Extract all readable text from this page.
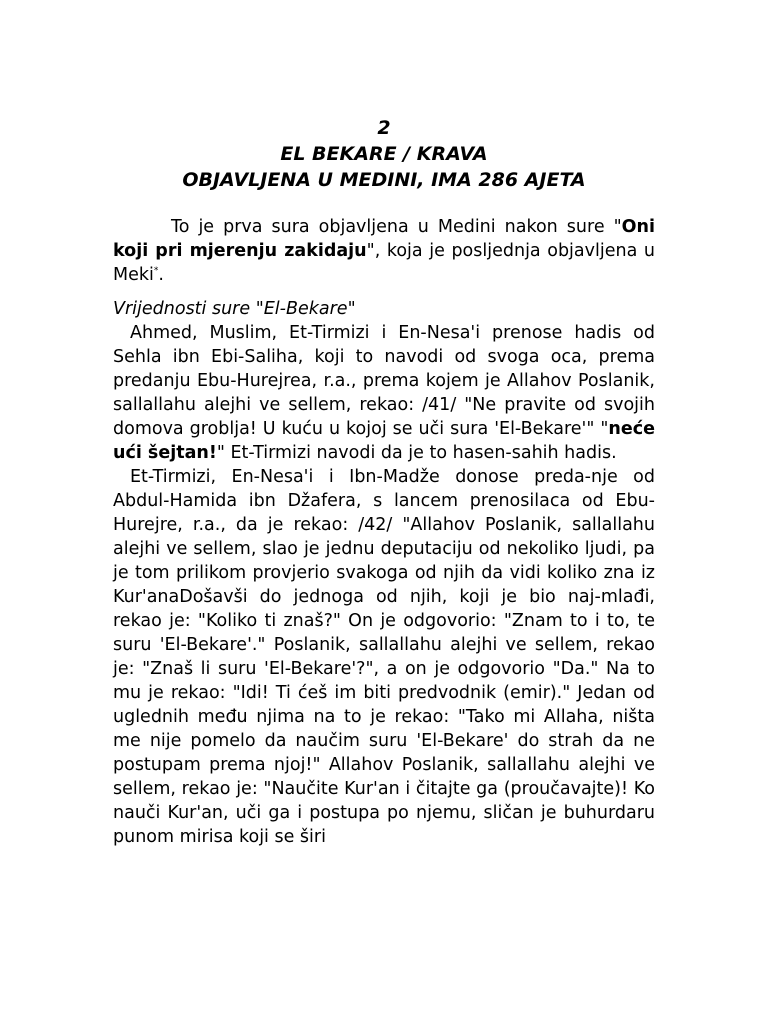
2
EL BEKARE / KRAVA
OBJAVLJENA U MEDINI, IMA 286 AJETA
To je prva sura objavljena u Medini nakon sure "Oni koji pri mjerenju zakidaju", koja je posljednja objavljena u Meki*.
Vrijednosti sure "El-Bekare"
Ahmed, Muslim, Et-Tirmizi i En-Nesa'i prenose hadis od Sehla ibn Ebi-Saliha, koji to navodi od svoga oca, prema predanju Ebu-Hurejrea, r.a., prema kojem je Allahov Poslanik, sallallahu alejhi ve sellem, rekao: /41/ "Ne pravite od svojih domova groblja! U kuću u kojoj se uči sura 'El-Bekare'" "neće ući šejtan!" Et-Tirmizi navodi da je to hasen-sahih hadis.
Et-Tirmizi, En-Nesa'i i Ibn-Madže donose preda-nje od Abdul-Hamida ibn Džafera, s lancem prenosilaca od Ebu-Hurejre, r.a., da je rekao: /42/ "Allahov Poslanik, sallallahu alejhi ve sellem, slao je jednu deputaciju od nekoliko ljudi, pa je tom prilikom provjerio svakoga od njih da vidi koliko zna iz Kur'anaDošavši do jednoga od njih, koji je bio naj-mlađi, rekao je: "Koliko ti znaš?" On je odgovorio: "Znam to i to, te suru 'El-Bekare'." Poslanik, sallallahu alejhi ve sellem, rekao je: "Znaš li suru 'El-Bekare'?", a on je odgovorio "Da." Na to mu je rekao: "Idi! Ti ćeš im biti predvodnik (emir)." Jedan od uglednih među njima na to je rekao: "Tako mi Allaha, ništa me nije pomelo da naučim suru 'El-Bekare' do strah da ne postupam prema njoj!" Allahov Poslanik, sallallahu alejhi ve sellem, rekao je: "Naučite Kur'an i čitajte ga (proučavajte)! Ko nauči Kur'an, uči ga i postupa po njemu, sličan je buhurdaru punom mirisa koji se širi
